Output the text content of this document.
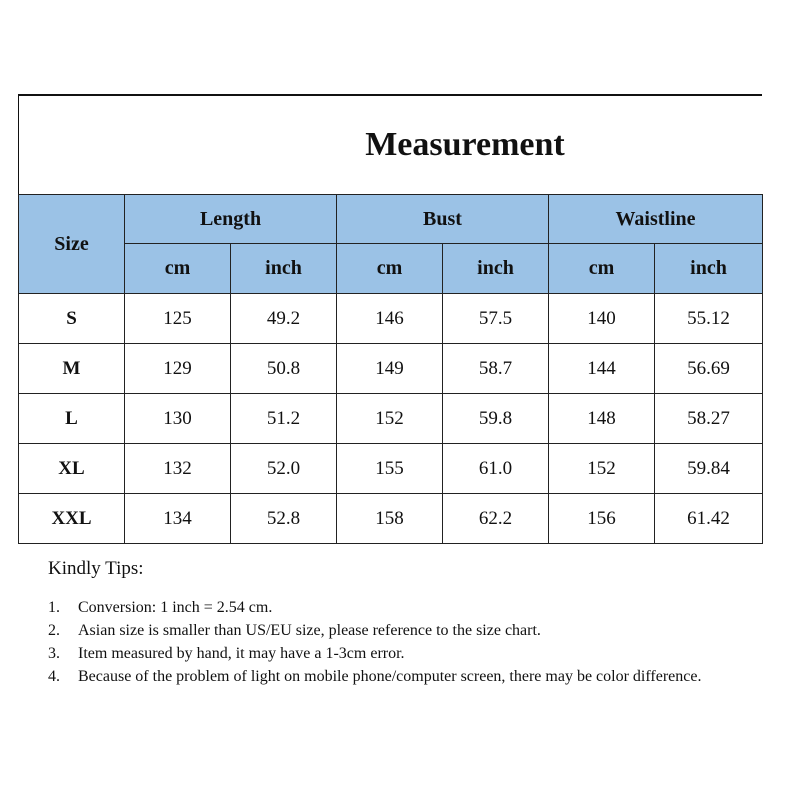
Measurement
Size	Length		Bust		Waistline	
	cm	inch	cm	inch	cm	inch
S	125	49.2	146	57.5	140	55.12
M	129	50.8	149	58.7	144	56.69
L	130	51.2	152	59.8	148	58.27
XL	132	52.0	155	61.0	152	59.84
XXL	134	52.8	158	62.2	156	61.42
Kindly Tips:
1.	Conversion: 1 inch = 2.54 cm.
2.	Asian size is smaller than US/EU size, please reference to the size chart.
3.	Item measured by hand, it may have a 1-3cm error.
4.	Because of the problem of light on mobile phone/computer screen, there may be color difference.
